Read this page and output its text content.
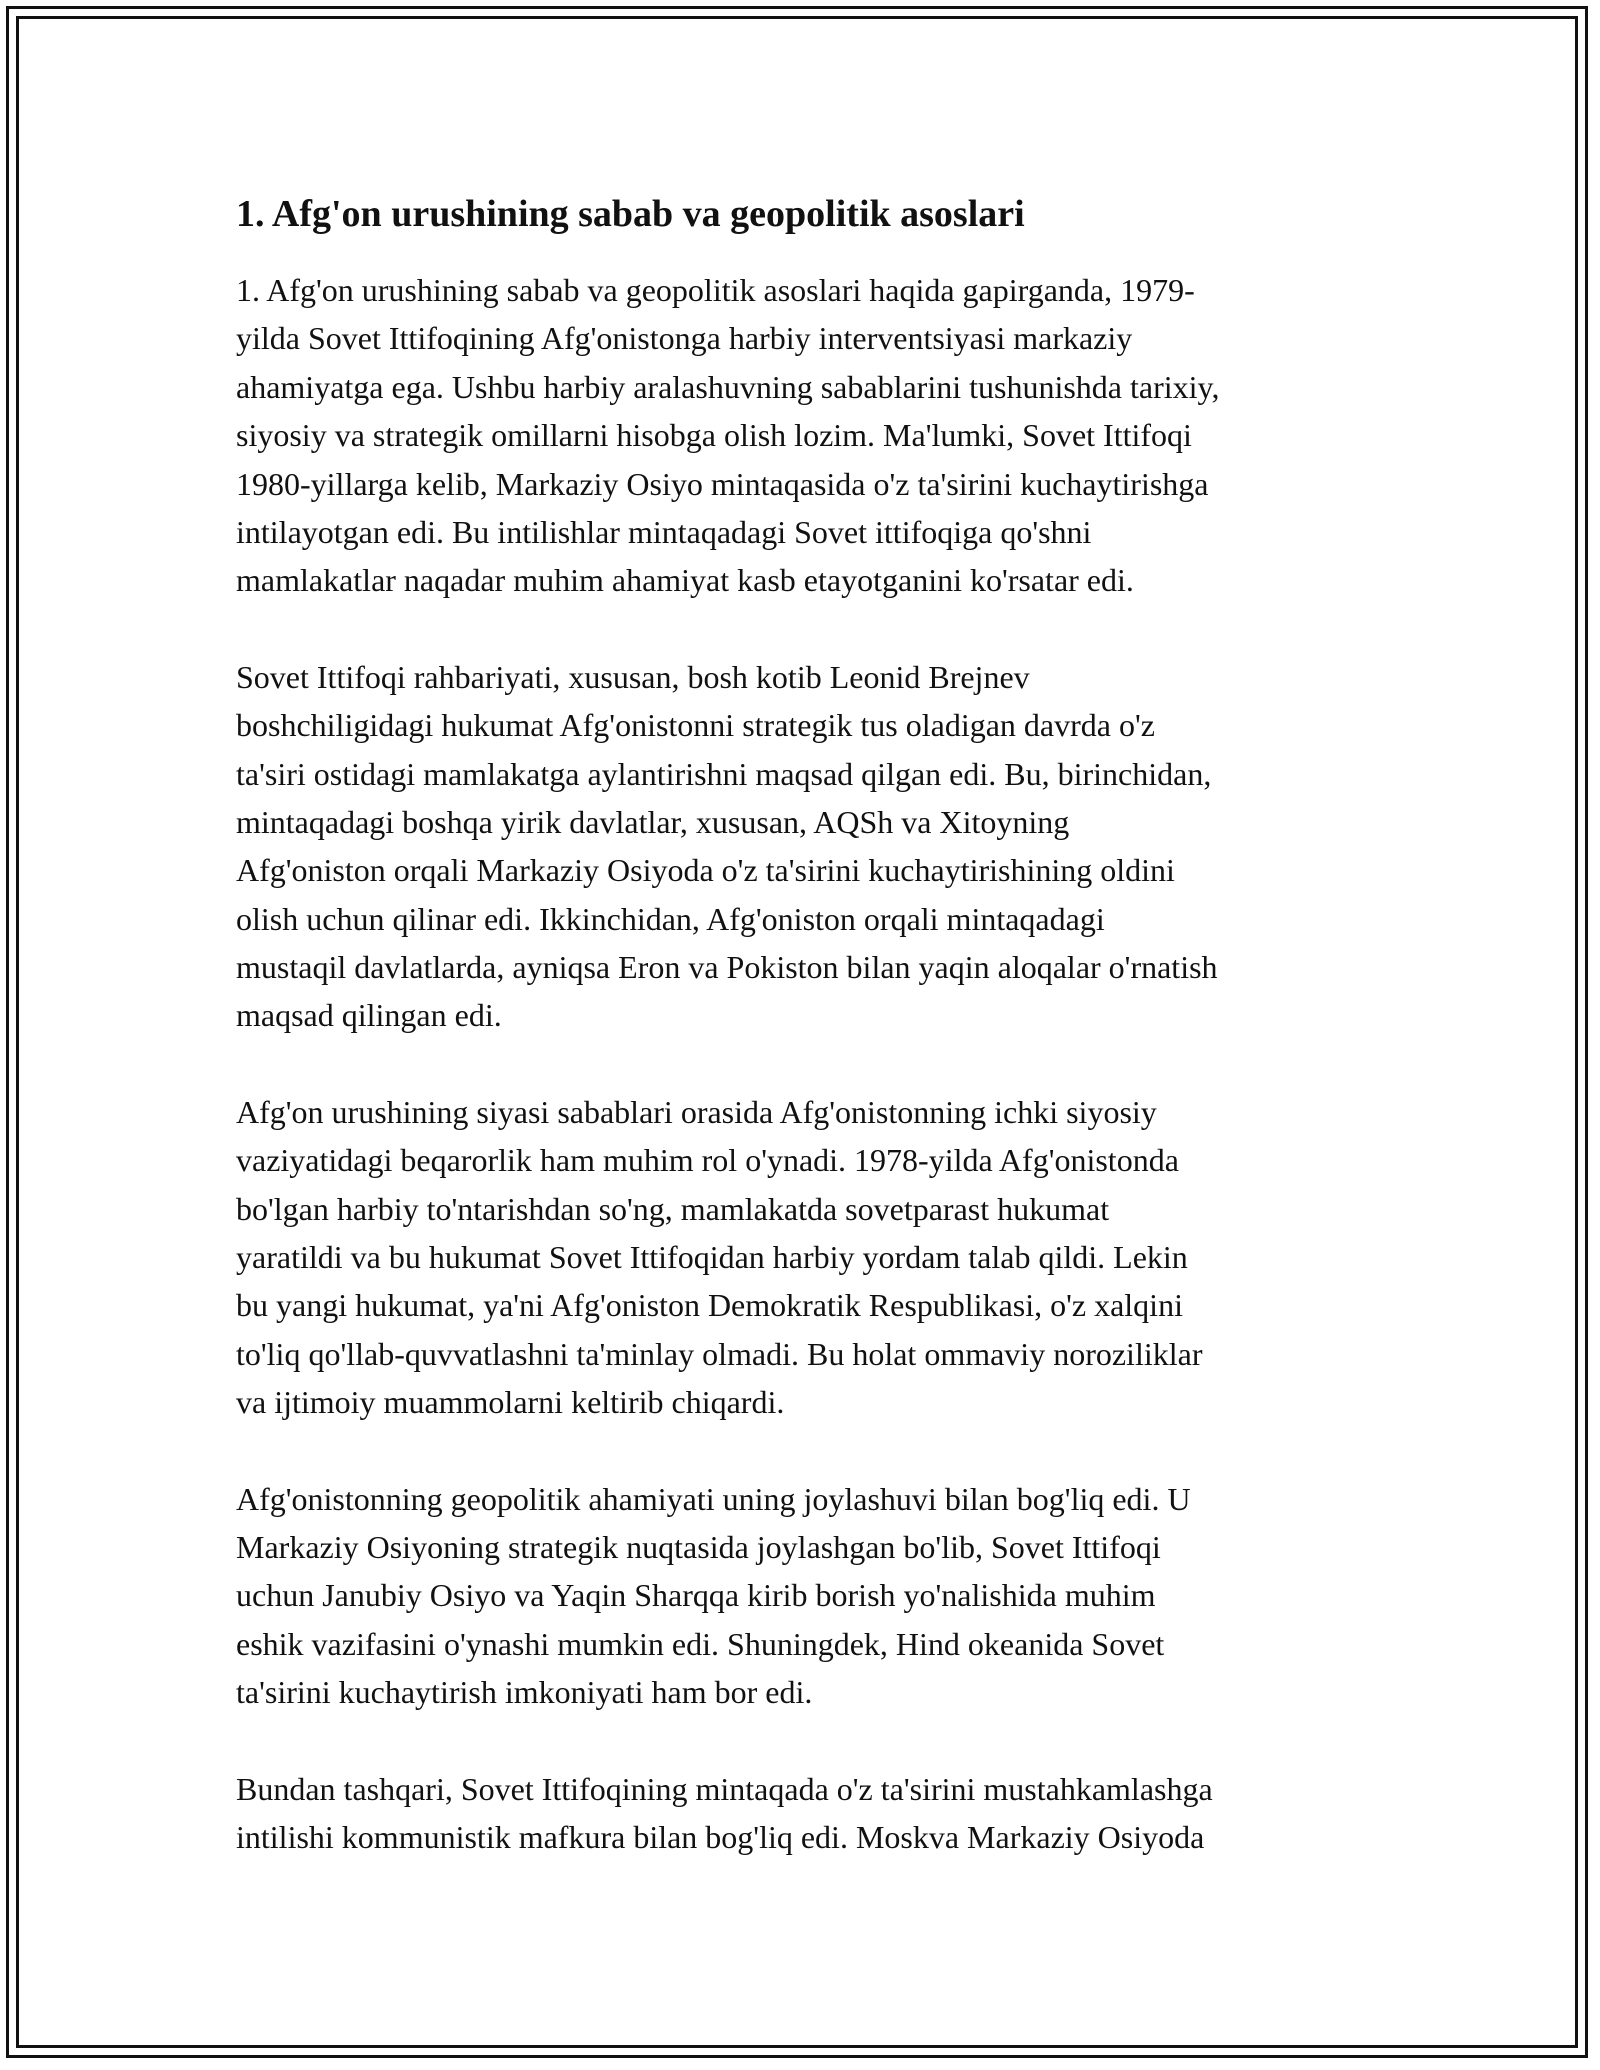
1. Afg'on urushining sabab va geopolitik asoslari

1. Afg'on urushining sabab va geopolitik asoslari haqida gapirganda, 1979-
yilda Sovet Ittifoqining Afg'onistonga harbiy interventsiyasi markaziy
ahamiyatga ega. Ushbu harbiy aralashuvning sabablarini tushunishda tarixiy,
siyosiy va strategik omillarni hisobga olish lozim. Ma'lumki, Sovet Ittifoqi
1980-yillarga kelib, Markaziy Osiyo mintaqasida o'z ta'sirini kuchaytirishga
intilayotgan edi. Bu intilishlar mintaqadagi Sovet ittifoqiga qo'shni
mamlakatlar naqadar muhim ahamiyat kasb etayotganini ko'rsatar edi.

Sovet Ittifoqi rahbariyati, xususan, bosh kotib Leonid Brejnev
boshchiligidagi hukumat Afg'onistonni strategik tus oladigan davrda o'z
ta'siri ostidagi mamlakatga aylantirishni maqsad qilgan edi. Bu, birinchidan,
mintaqadagi boshqa yirik davlatlar, xususan, AQSh va Xitoyning
Afg'oniston orqali Markaziy Osiyoda o'z ta'sirini kuchaytirishining oldini
olish uchun qilinar edi. Ikkinchidan, Afg'oniston orqali mintaqadagi
mustaqil davlatlarda, ayniqsa Eron va Pokiston bilan yaqin aloqalar o'rnatish
maqsad qilingan edi.

Afg'on urushining siyasi sabablari orasida Afg'onistonning ichki siyosiy
vaziyatidagi beqarorlik ham muhim rol o'ynadi. 1978-yilda Afg'onistonda
bo'lgan harbiy to'ntarishdan so'ng, mamlakatda sovetparast hukumat
yaratildi va bu hukumat Sovet Ittifoqidan harbiy yordam talab qildi. Lekin
bu yangi hukumat, ya'ni Afg'oniston Demokratik Respublikasi, o'z xalqini
to'liq qo'llab-quvvatlashni ta'minlay olmadi. Bu holat ommaviy noroziliklar
va ijtimoiy muammolarni keltirib chiqardi.

Afg'onistonning geopolitik ahamiyati uning joylashuvi bilan bog'liq edi. U
Markaziy Osiyoning strategik nuqtasida joylashgan bo'lib, Sovet Ittifoqi
uchun Janubiy Osiyo va Yaqin Sharqqa kirib borish yo'nalishida muhim
eshik vazifasini o'ynashi mumkin edi. Shuningdek, Hind okeanida Sovet
ta'sirini kuchaytirish imkoniyati ham bor edi.

Bundan tashqari, Sovet Ittifoqining mintaqada o'z ta'sirini mustahkamlashga
intilishi kommunistik mafkura bilan bog'liq edi. Moskva Markaziy Osiyoda
